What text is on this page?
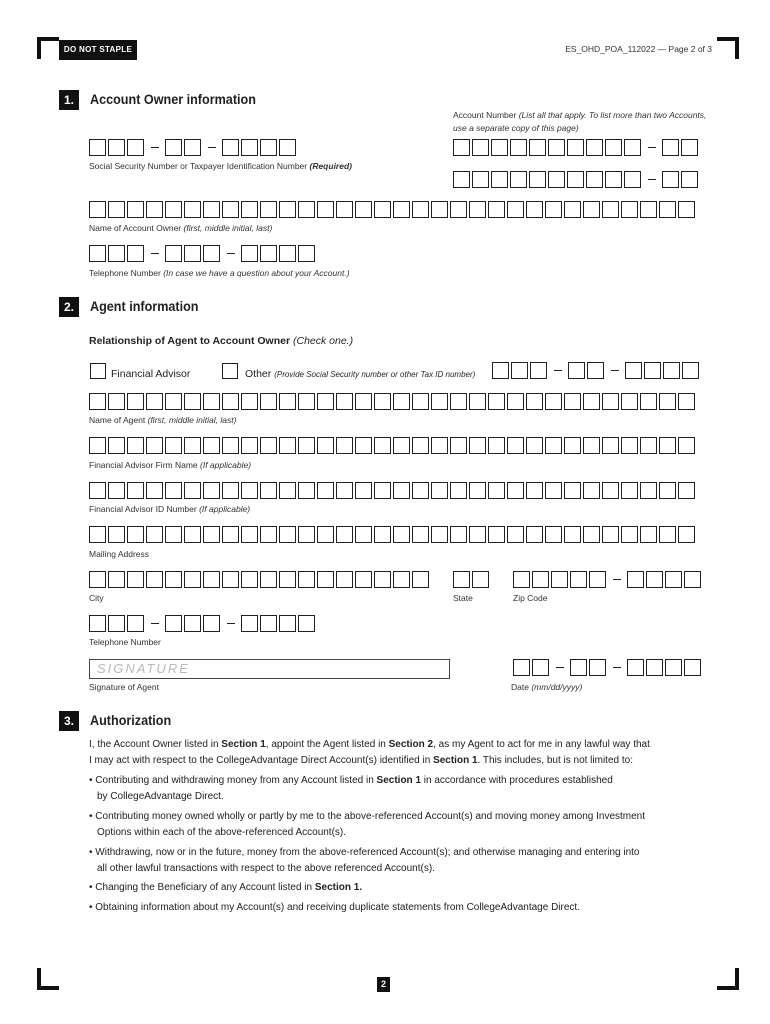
DO NOT STAPLE	ES_OHD_POA_112022 — Page 2 of 3
1.	Account Owner information
Account Number (List all that apply. To list more than two Accounts,
use a separate copy of this page)
Social Security Number or Taxpayer Identification Number (Required)
Name of Account Owner (first, middle initial, last)
Telephone Number (In case we have a question about your Account.)
2.	Agent information
Relationship of Agent to Account Owner (Check one.)
Financial Advisor	Other (Provide Social Security number or other Tax ID number)
Name of Agent (first, middle initial, last)
Financial Advisor Firm Name (If applicable)
Financial Advisor ID Number (If applicable)
Mailing Address
City	State	Zip Code
Telephone Number
SIGNATURE
Signature of Agent	Date (mm/dd/yyyy)
3.	Authorization
I, the Account Owner listed in Section 1, appoint the Agent listed in Section 2, as my Agent to act for me in any lawful way that
I may act with respect to the CollegeAdvantage Direct Account(s) identified in Section 1. This includes, but is not limited to:
• Contributing and withdrawing money from any Account listed in Section 1 in accordance with procedures established
by CollegeAdvantage Direct.
• Contributing money owned wholly or partly by me to the above-referenced Account(s) and moving money among Investment
Options within each of the above-referenced Account(s).
• Withdrawing, now or in the future, money from the above-referenced Account(s); and otherwise managing and entering into
all other lawful transactions with respect to the above referenced Account(s).
• Changing the Beneficiary of any Account listed in Section 1.
• Obtaining information about my Account(s) and receiving duplicate statements from CollegeAdvantage Direct.
2
